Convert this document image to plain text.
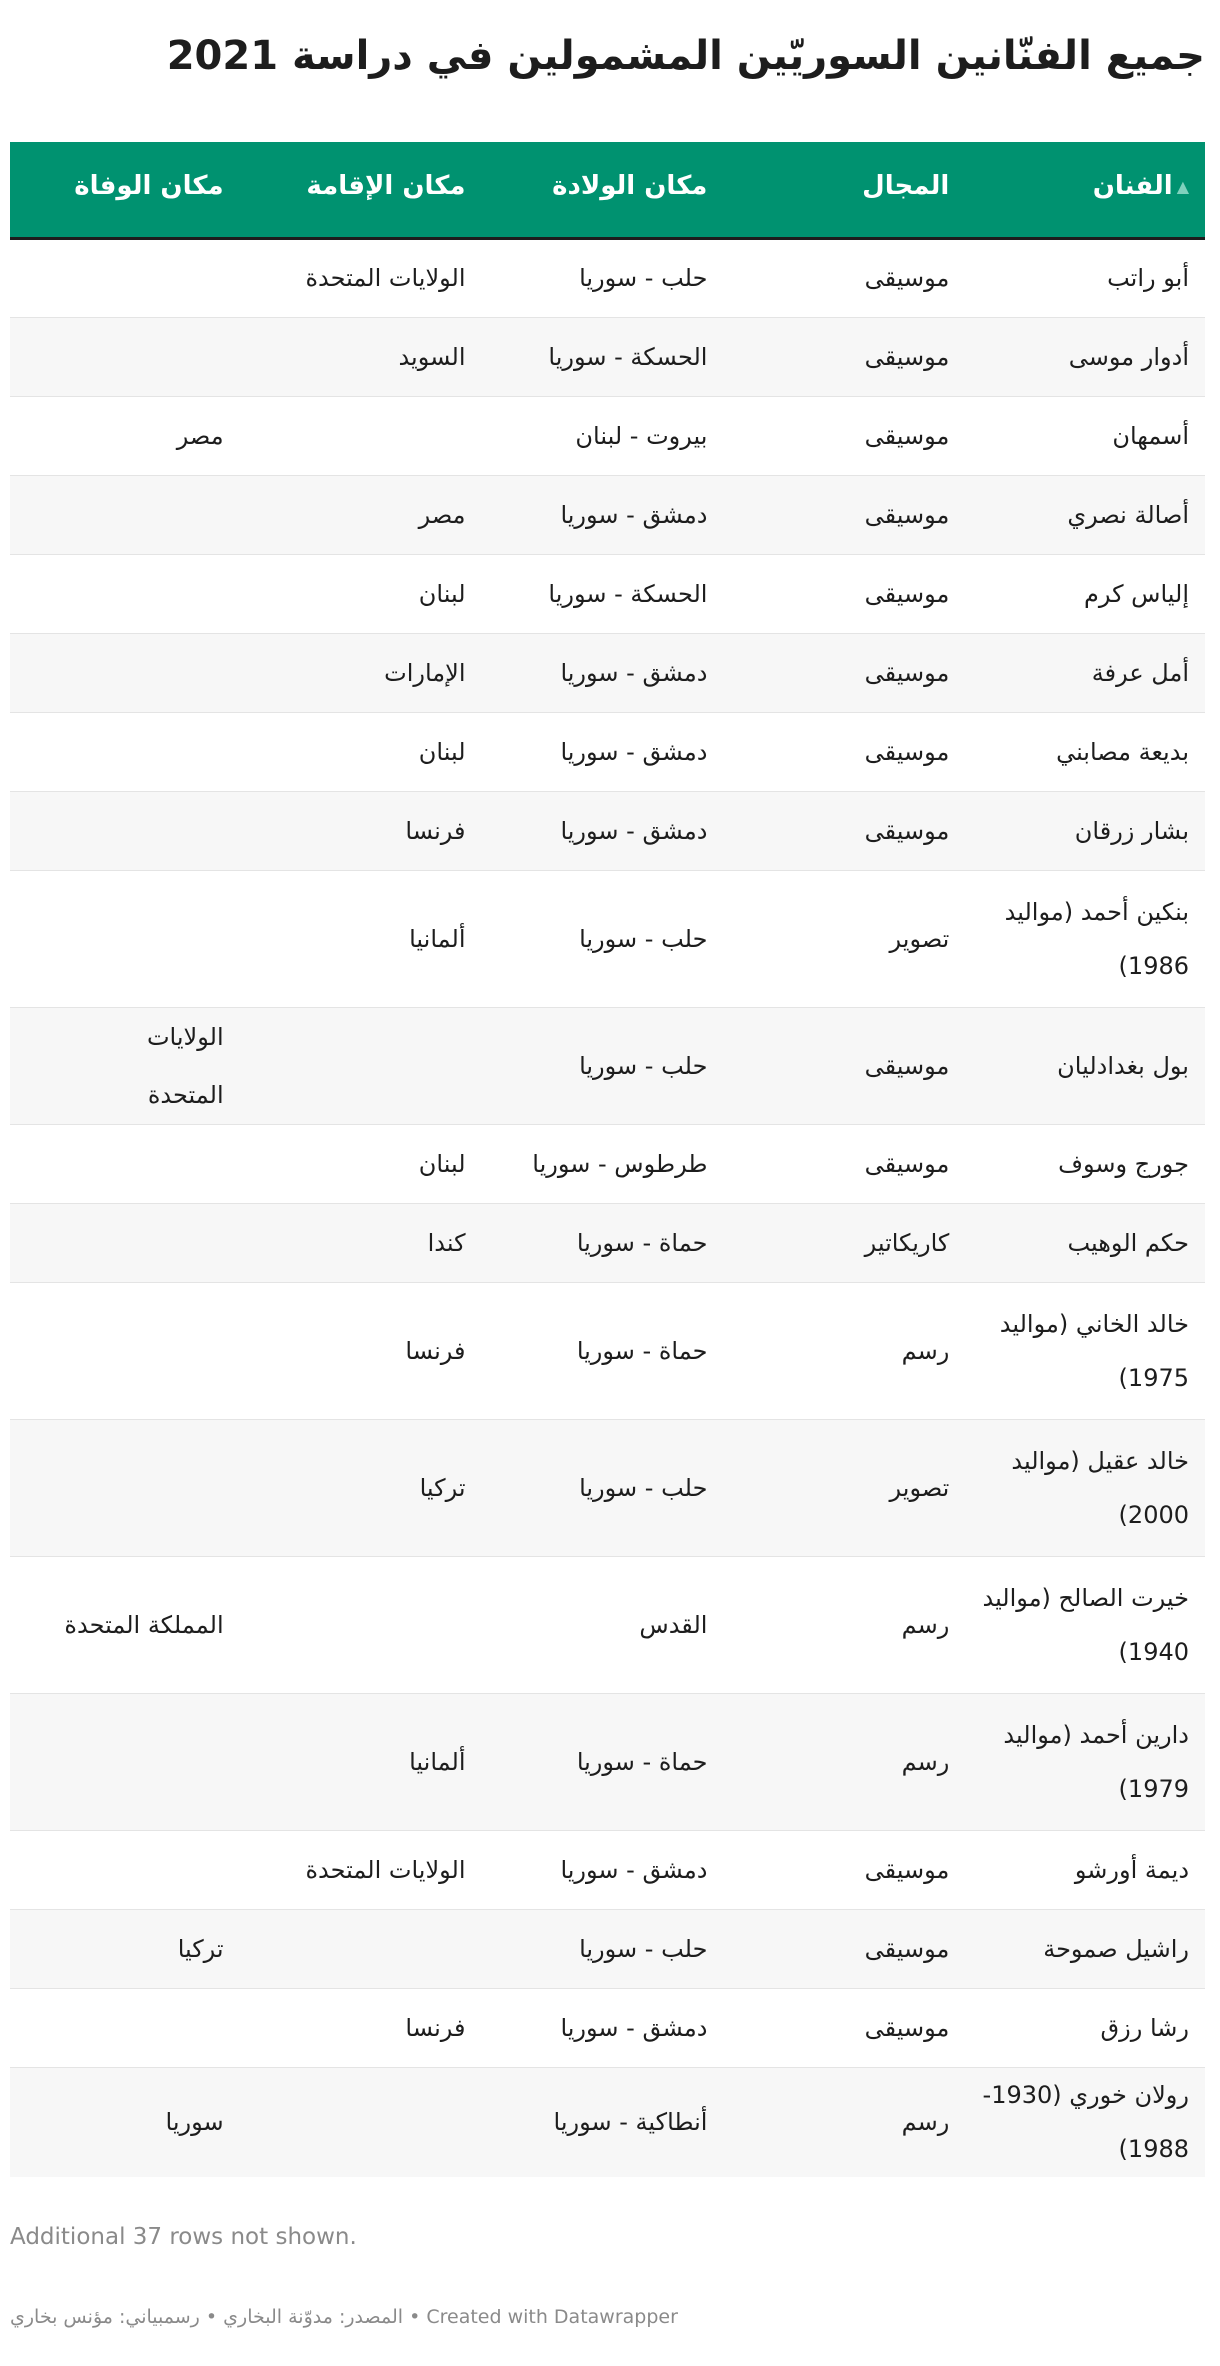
جميع الفنّانين السوريّين المشمولين في دراسة 2021
▲الفنان	المجال	مكان الولادة	مكان الإقامة	مكان الوفاة
أبو راتب	موسيقى	حلب - سوريا	الولايات المتحدة	
أدوار موسى	موسيقى	الحسكة - سوريا	السويد	
أسمهان	موسيقى	بيروت - لبنان		مصر
أصالة نصري	موسيقى	دمشق - سوريا	مصر	
إلياس كرم	موسيقى	الحسكة - سوريا	لبنان	
أمل عرفة	موسيقى	دمشق - سوريا	الإمارات	
بديعة مصابني	موسيقى	دمشق - سوريا	لبنان	
بشار زرقان	موسيقى	دمشق - سوريا	فرنسا	
بنكين أحمد (مواليد 1986)	تصوير	حلب - سوريا	ألمانيا	
بول بغدادليان	موسيقى	حلب - سوريا		الولايات المتحدة
جورج وسوف	موسيقى	طرطوس - سوريا	لبنان	
حكم الوهيب	كاريكاتير	حماة - سوريا	كندا	
خالد الخاني (مواليد 1975)	رسم	حماة - سوريا	فرنسا	
خالد عقيل (مواليد 2000)	تصوير	حلب - سوريا	تركيا	
خيرت الصالح (مواليد 1940)	رسم	القدس		المملكة المتحدة
دارين أحمد (مواليد 1979)	رسم	حماة - سوريا	ألمانيا	
ديمة أورشو	موسيقى	دمشق - سوريا	الولايات المتحدة	
راشيل صموحة	موسيقى	حلب - سوريا		تركيا
رشا رزق	موسيقى	دمشق - سوريا	فرنسا	
رولان خوري (1930-1988)	رسم	أنطاكية - سوريا		سوريا
Additional 37 rows not shown.
رسمبياني: مؤنس بخاري • المصدر: مدوّنة البخاري • Created with Datawrapper
